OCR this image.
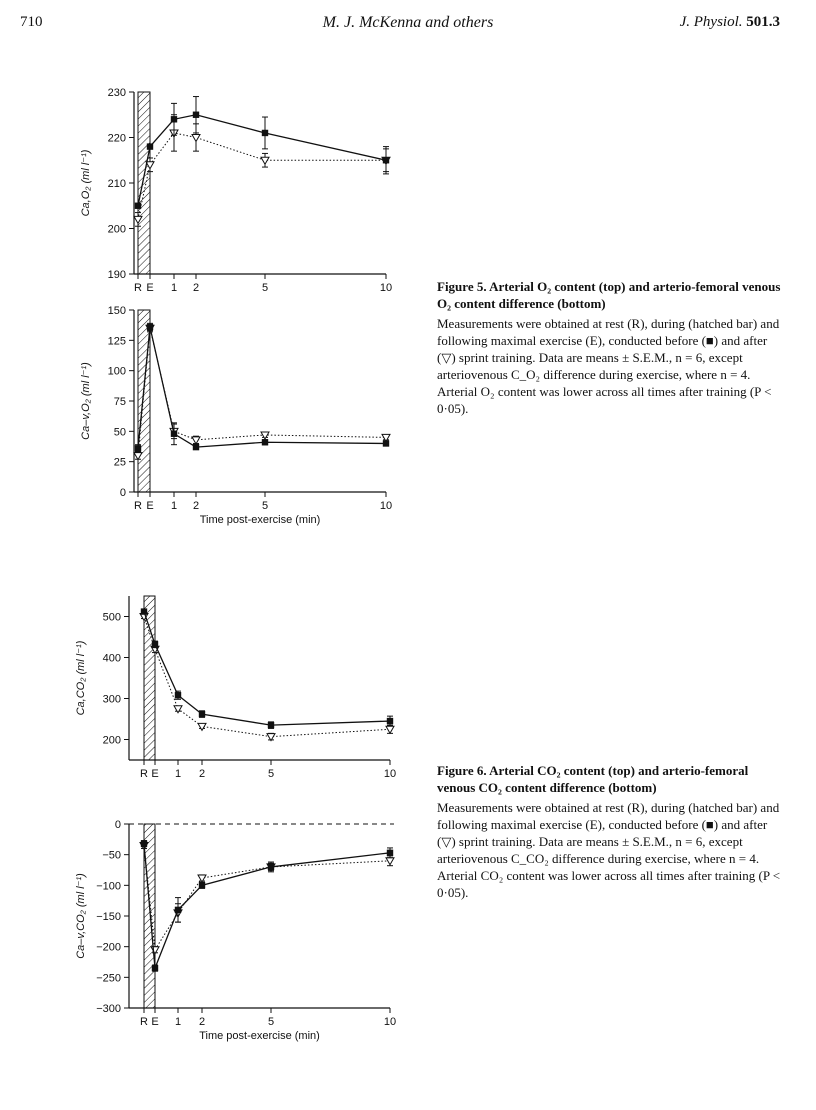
710	M. J. McKenna and others	J. Physiol. 501.3
190
200
210
220
230
R E 1 2	5	10
Ca,O₂ (ml l⁻¹)
0
25
50
75
100
125
150
R E 1 2	5	10
Time post-exercise (min)
Ca–v,O₂ (ml l⁻¹)
200
300
400
500
R E 1 2	5	10
Ca,CO₂ (ml l⁻¹)
−300
−250
−200
−150
−100
−50
0
R E 1 2	5	10
Time post-exercise (min)
Ca–v,CO₂ (ml l⁻¹)
Figure 5. Arterial O₂ content (top) and arterio-femoral venous O₂ content difference (bottom)
Measurements were obtained at rest (R), during (hatched bar) and following maximal exercise (E), conducted before (■) and after (▽) sprint training. Data are means ± S.E.M., n = 6, except arteriovenous C_O₂ difference during exercise, where n = 4. Arterial O₂ content was lower across all times after training (P < 0·05).
Figure 6. Arterial CO₂ content (top) and arterio-femoral venous CO₂ content difference (bottom)
Measurements were obtained at rest (R), during (hatched bar) and following maximal exercise (E), conducted before (■) and after (▽) sprint training. Data are means ± S.E.M., n = 6, except arteriovenous C_CO₂ difference during exercise, where n = 4. Arterial CO₂ content was lower across all times after training (P < 0·05).
